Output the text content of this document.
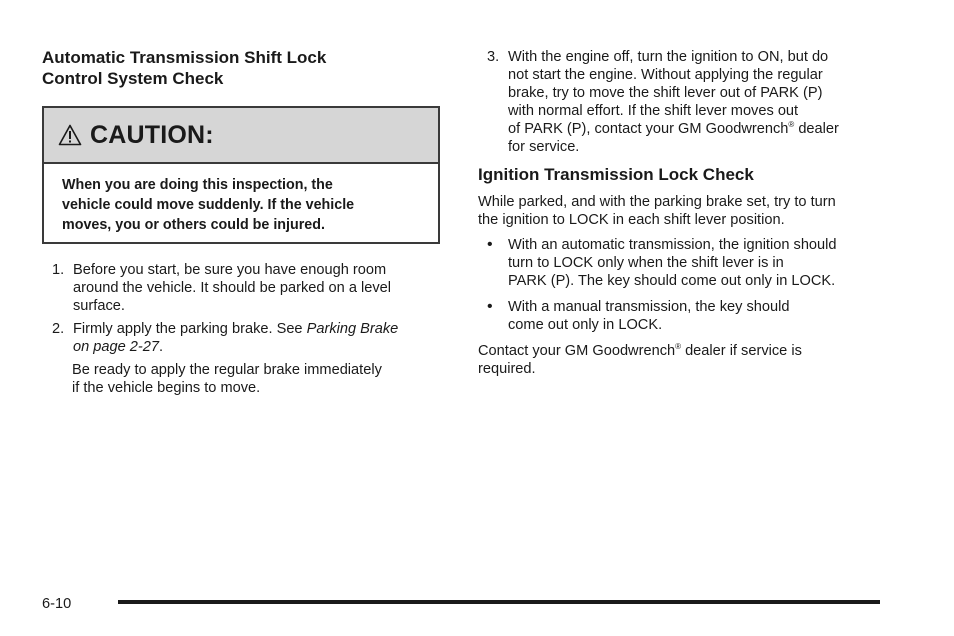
Automatic Transmission Shift Lock
Control System Check
CAUTION:
When you are doing this inspection, the
vehicle could move suddenly. If the vehicle
moves, you or others could be injured.
1. Before you start, be sure you have enough room
around the vehicle. It should be parked on a level
surface.
2. Firmly apply the parking brake. See Parking Brake
on page 2-27.
Be ready to apply the regular brake immediately
if the vehicle begins to move.
3. With the engine off, turn the ignition to ON, but do
not start the engine. Without applying the regular
brake, try to move the shift lever out of PARK (P)
with normal effort. If the shift lever moves out
of PARK (P), contact your GM Goodwrench® dealer
for service.
Ignition Transmission Lock Check
While parked, and with the parking brake set, try to turn
the ignition to LOCK in each shift lever position.
• With an automatic transmission, the ignition should
turn to LOCK only when the shift lever is in
PARK (P). The key should come out only in LOCK.
• With a manual transmission, the key should
come out only in LOCK.
Contact your GM Goodwrench® dealer if service is
required.
6-10
